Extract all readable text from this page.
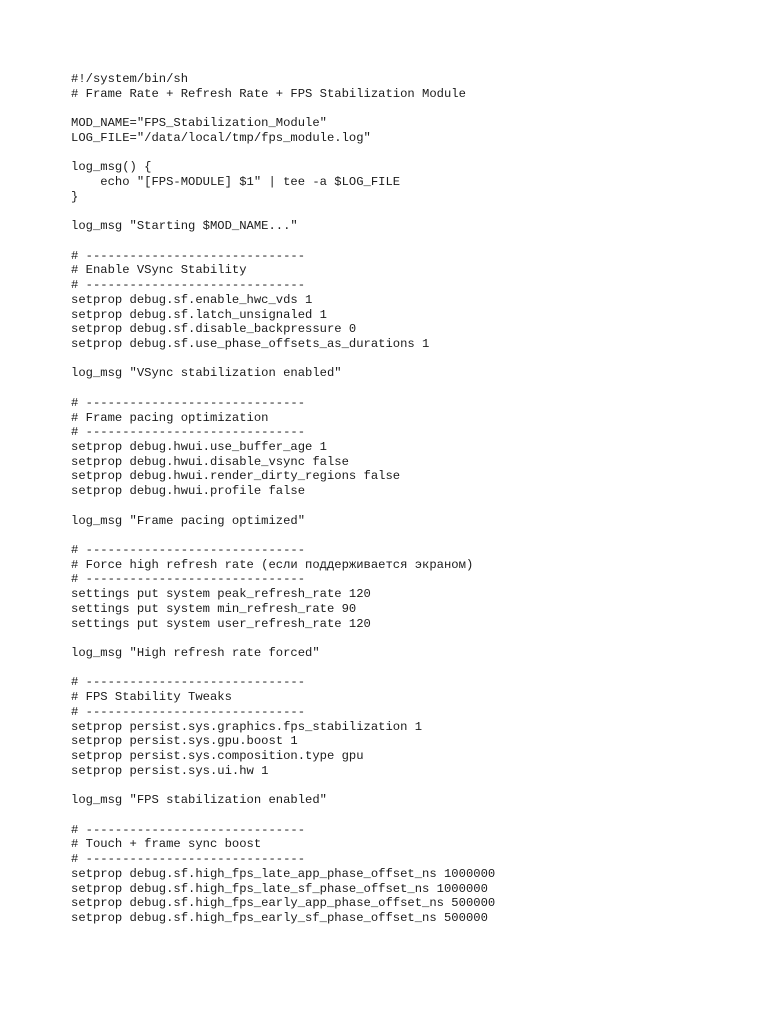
#!/system/bin/sh
# Frame Rate + Refresh Rate + FPS Stabilization Module

MOD_NAME="FPS_Stabilization_Module"
LOG_FILE="/data/local/tmp/fps_module.log"

log_msg() {
echo "[FPS-MODULE] $1" | tee -a $LOG_FILE
}

log_msg "Starting $MOD_NAME..."

# ------------------------------
# Enable VSync Stability
# ------------------------------
setprop debug.sf.enable_hwc_vds 1
setprop debug.sf.latch_unsignaled 1
setprop debug.sf.disable_backpressure 0
setprop debug.sf.use_phase_offsets_as_durations 1

log_msg "VSync stabilization enabled"

# ------------------------------
# Frame pacing optimization
# ------------------------------
setprop debug.hwui.use_buffer_age 1
setprop debug.hwui.disable_vsync false
setprop debug.hwui.render_dirty_regions false
setprop debug.hwui.profile false

log_msg "Frame pacing optimized"

# ------------------------------
# Force high refresh rate (если поддерживается экраном)
# ------------------------------
settings put system peak_refresh_rate 120
settings put system min_refresh_rate 90
settings put system user_refresh_rate 120

log_msg "High refresh rate forced"

# ------------------------------
# FPS Stability Tweaks
# ------------------------------
setprop persist.sys.graphics.fps_stabilization 1
setprop persist.sys.gpu.boost 1
setprop persist.sys.composition.type gpu
setprop persist.sys.ui.hw 1

log_msg "FPS stabilization enabled"

# ------------------------------
# Touch + frame sync boost
# ------------------------------
setprop debug.sf.high_fps_late_app_phase_offset_ns 1000000
setprop debug.sf.high_fps_late_sf_phase_offset_ns 1000000
setprop debug.sf.high_fps_early_app_phase_offset_ns 500000
setprop debug.sf.high_fps_early_sf_phase_offset_ns 500000
